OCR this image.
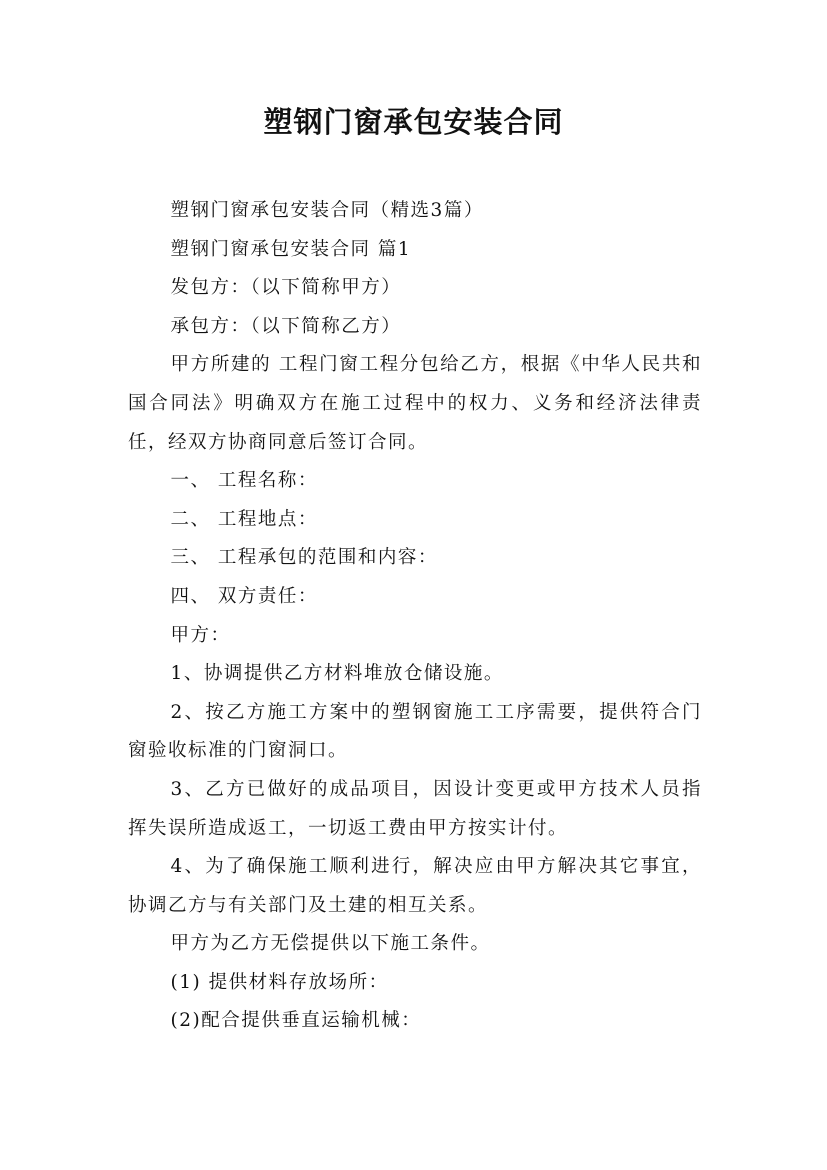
塑钢门窗承包安装合同

塑钢门窗承包安装合同（精选3篇）

塑钢门窗承包安装合同 篇1

发包方：（以下简称甲方）

承包方：（以下简称乙方）

甲方所建的 工程门窗工程分包给乙方，根据《中华人民共和国合同法》明确双方在施工过程中的权力、义务和经济法律责任，经双方协商同意后签订合同。

一、 工程名称：

二、 工程地点：

三、 工程承包的范围和内容：

四、 双方责任：

甲方：

1、协调提供乙方材料堆放仓储设施。

2、按乙方施工方案中的塑钢窗施工工序需要，提供符合门窗验收标准的门窗洞口。

3、乙方已做好的成品项目，因设计变更或甲方技术人员指挥失误所造成返工，一切返工费由甲方按实计付。

4、为了确保施工顺利进行，解决应由甲方解决其它事宜，协调乙方与有关部门及土建的相互关系。

甲方为乙方无偿提供以下施工条件。

(1) 提供材料存放场所：

(2)配合提供垂直运输机械：
